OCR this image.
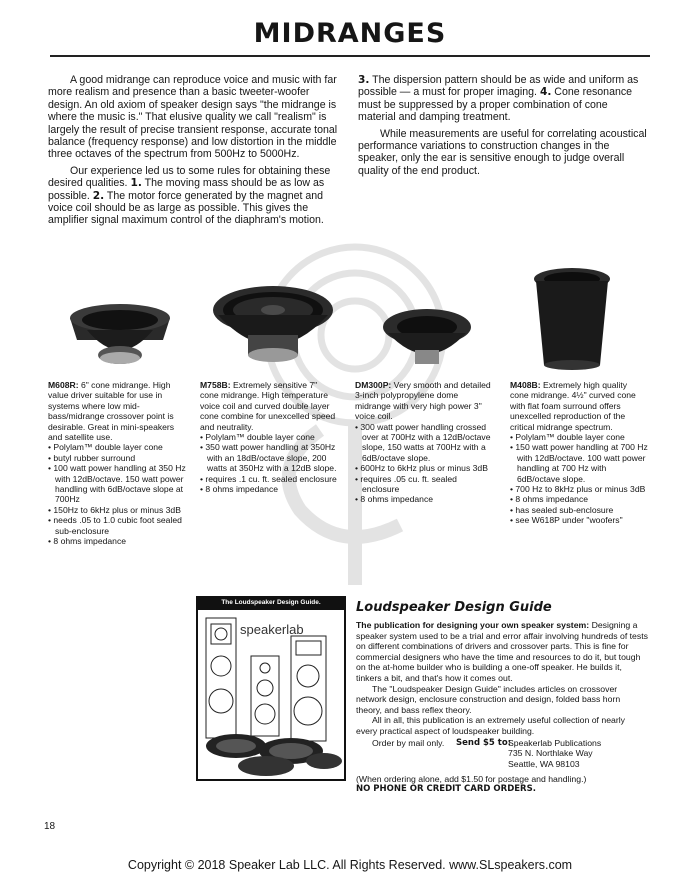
MIDRANGES

A good midrange can reproduce voice and music with far more realism and presence than a basic tweeter-woofer design. An old axiom of speaker design says "the midrange is where the music is." That elusive quality we call "realism" is largely the result of precise transient response, accurate tonal balance (frequency response) and low distortion in the middle three octaves of the spectrum from 500Hz to 5000Hz.

Our experience led us to some rules for obtaining these desired qualities. 1. The moving mass should be as low as possible. 2. The motor force generated by the magnet and voice coil should be as large as possible. This gives the amplifier signal maximum control of the diaphram's motion.

3. The dispersion pattern should be as wide and uniform as possible — a must for proper imaging. 4. Cone resonance must be suppressed by a proper combination of cone material and damping treatment.

While measurements are useful for correlating acoustical performance variations to construction changes in the speaker, only the ear is sensitive enough to judge overall quality of the end product.

M608R: 6" cone midrange. High value driver suitable for use in systems where low mid-bass/midrange crossover point is desirable. Great in mini-speakers and satellite use.
• Polylam™ double layer cone
• butyl rubber surround
• 100 watt power handling at 350 Hz with 12dB/octave. 150 watt power handling with 6dB/octave slope at 700Hz
• 150Hz to 6kHz plus or minus 3dB
• needs .05 to 1.0 cubic foot sealed sub-enclosure
• 8 ohms impedance
M758B: Extremely sensitive 7" cone midrange. High temperature voice coil and curved double layer cone combine for unexcelled speed and neutrality.
• Polylam™ double layer cone
• 350 watt power handling at 350Hz with an 18dB/octave slope, 200 watts at 350Hz with a 12dB slope.
• requires .1 cu. ft. sealed enclosure
• 8 ohms impedance
DM300P: Very smooth and detailed 3-inch polypropylene dome midrange with very high power 3" voice coil.
• 300 watt power handling crossed over at 700Hz with a 12dB/octave slope, 150 watts at 700Hz with a 6dB/octave slope.
• 600Hz to 6kHz plus or minus 3dB
• requires .05 cu. ft. sealed enclosure
• 8 ohms impedance
M408B: Extremely high quality cone midrange. 4½" curved cone with flat foam surround offers unexcelled reproduction of the critical midrange spectrum.
• Polylam™ double layer cone
• 150 watt power handling at 700 Hz with 12dB/octave. 100 watt power handling at 700 Hz with 6dB/octave slope.
• 700 Hz to 8kHz plus or minus 3dB
• 8 ohms impedance
• has sealed sub-enclosure
• see W618P under "woofers"
The Loudspeaker Design Guide.
speakerlab
Loudspeaker Design Guide

The publication for designing your own speaker system: Designing a speaker system used to be a trial and error affair involving hundreds of tests on different combinations of drivers and crossover parts. This is fine for commercial designers who have the time and resources to do it, but tough on the at-home builder who is building a one-off speaker. He builds it, tinkers a bit, and that's how it comes out.

The "Loudspeaker Design Guide" includes articles on crossover network design, enclosure construction and design, folded bass horn theory, and bass reflex theory.

All in all, this publication is an extremely useful collection of nearly every practical aspect of loudspeaker building.

Order by mail only. Send $5 to:
Speakerlab Publications
735 N. Northlake Way
Seattle, WA 98103

(When ordering alone, add $1.50 for postage and handling.)

NO PHONE OR CREDIT CARD ORDERS.

18
Copyright © 2018 Speaker Lab LLC. All Rights Reserved. www.SLspeakers.com
